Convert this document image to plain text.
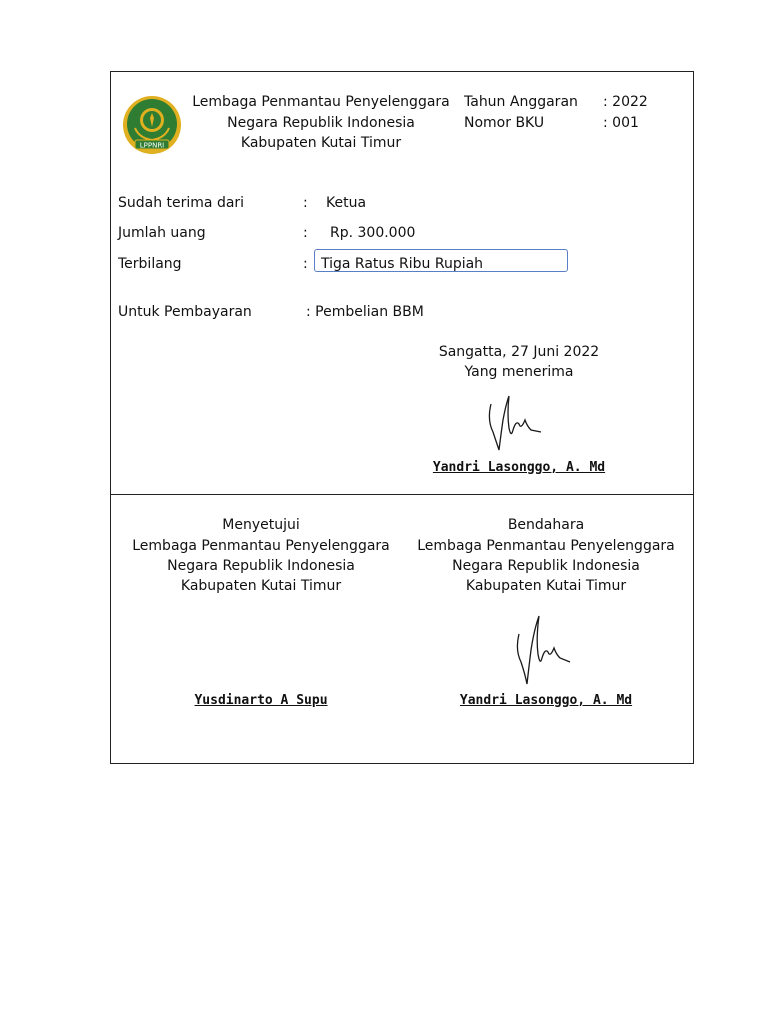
LPPNRI
Lembaga Penmantau Penyelenggara
Negara Republik Indonesia
Kabupaten Kutai Timur
Tahun Anggaran : 2022
Nomor BKU	: 001
Sudah terima dari	: Ketua
Jumlah uang	: Rp. 300.000
Terbilang	: Tiga Ratus Ribu Rupiah
Untuk Pembayaran	: Pembelian BBM
Sangatta, 27 Juni 2022
Yang menerima
Yandri Lasonggo, A. Md
Menyetujui
Lembaga Penmantau Penyelenggara
Negara Republik Indonesia
Kabupaten Kutai Timur
Yusdinarto A Supu
Bendahara
Lembaga Penmantau Penyelenggara
Negara Republik Indonesia
Kabupaten Kutai Timur
Yandri Lasonggo, A. Md
